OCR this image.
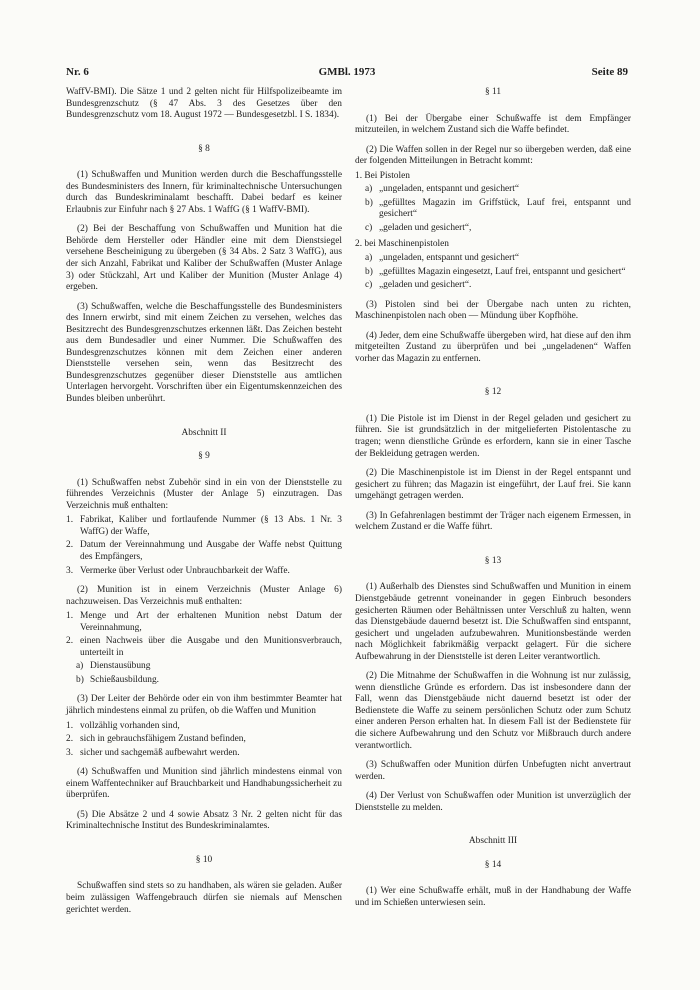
Nr. 6	GMBl. 1973	Seite 89

WaffV-BMI). Die Sätze 1 und 2 gelten nicht für Hilfspolizeibeamte im Bundesgrenzschutz (§ 47 Abs. 3 des Gesetzes über den Bundesgrenzschutz vom 18. August 1972 — Bundesgesetzbl. I S. 1834).

§ 8

(1) Schußwaffen und Munition werden durch die Beschaffungsstelle des Bundesministers des Innern, für kriminaltechnische Untersuchungen durch das Bundeskriminalamt beschafft. Dabei bedarf es keiner Erlaubnis zur Einfuhr nach § 27 Abs. 1 WaffG (§ 1 WaffV-BMI).

(2) Bei der Beschaffung von Schußwaffen und Munition hat die Behörde dem Hersteller oder Händler eine mit dem Dienstsiegel versehene Bescheinigung zu übergeben (§ 34 Abs. 2 Satz 3 WaffG), aus der sich Anzahl, Fabrikat und Kaliber der Schußwaffen (Muster Anlage 3) oder Stückzahl, Art und Kaliber der Munition (Muster Anlage 4) ergeben.

(3) Schußwaffen, welche die Beschaffungsstelle des Bundesministers des Innern erwirbt, sind mit einem Zeichen zu versehen, welches das Besitzrecht des Bundesgrenzschutzes erkennen läßt. Das Zeichen besteht aus dem Bundesadler und einer Nummer. Die Schußwaffen des Bundesgrenzschutzes können mit dem Zeichen einer anderen Dienststelle versehen sein, wenn das Besitzrecht des Bundesgrenzschutzes gegenüber dieser Dienststelle aus amtlichen Unterlagen hervorgeht. Vorschriften über ein Eigentumskennzeichen des Bundes bleiben unberührt.

Abschnitt II
§ 9

(1) Schußwaffen nebst Zubehör sind in ein von der Dienststelle zu führendes Verzeichnis (Muster der Anlage 5) einzutragen. Das Verzeichnis muß enthalten:

1. Fabrikat, Kaliber und fortlaufende Nummer (§ 13 Abs. 1 Nr. 3 WaffG) der Waffe,
2. Datum der Vereinnahmung und Ausgabe der Waffe nebst Quittung des Empfängers,
3. Vermerke über Verlust oder Unbrauchbarkeit der Waffe.

(2) Munition ist in einem Verzeichnis (Muster Anlage 6) nachzuweisen. Das Verzeichnis muß enthalten:

1. Menge und Art der erhaltenen Munition nebst Datum der Vereinnahmung,
2. einen Nachweis über die Ausgabe und den Munitionsverbrauch, unterteilt in
a) Dienstausübung
b) Schießausbildung.

(3) Der Leiter der Behörde oder ein von ihm bestimmter Beamter hat jährlich mindestens einmal zu prüfen, ob die Waffen und Munition

1. vollzählig vorhanden sind,
2. sich in gebrauchsfähigem Zustand befinden,
3. sicher und sachgemäß aufbewahrt werden.

(4) Schußwaffen und Munition sind jährlich mindestens einmal von einem Waffentechniker auf Brauchbarkeit und Handhabungssicherheit zu überprüfen.

(5) Die Absätze 2 und 4 sowie Absatz 3 Nr. 2 gelten nicht für das Kriminaltechnische Institut des Bundeskriminalamtes.

§ 10

Schußwaffen sind stets so zu handhaben, als wären sie geladen. Außer beim zulässigen Waffengebrauch dürfen sie niemals auf Menschen gerichtet werden.

§ 11

(1) Bei der Übergabe einer Schußwaffe ist dem Empfänger mitzuteilen, in welchem Zustand sich die Waffe befindet.

(2) Die Waffen sollen in der Regel nur so übergeben werden, daß eine der folgenden Mitteilungen in Betracht kommt:

1. Bei Pistolen
a) „ungeladen, entspannt und gesichert“
b) „gefülltes Magazin im Griffstück, Lauf frei, entspannt und gesichert“
c) „geladen und gesichert“,
2. bei Maschinenpistolen
a) „ungeladen, entspannt und gesichert“
b) „gefülltes Magazin eingesetzt, Lauf frei, entspannt und gesichert“
c) „geladen und gesichert“.

(3) Pistolen sind bei der Übergabe nach unten zu richten, Maschinenpistolen nach oben — Mündung über Kopfhöhe.

(4) Jeder, dem eine Schußwaffe übergeben wird, hat diese auf den ihm mitgeteilten Zustand zu überprüfen und bei „ungeladenen“ Waffen vorher das Magazin zu entfernen.

§ 12

(1) Die Pistole ist im Dienst in der Regel geladen und gesichert zu führen. Sie ist grundsätzlich in der mitgelieferten Pistolentasche zu tragen; wenn dienstliche Gründe es erfordern, kann sie in einer Tasche der Bekleidung getragen werden.

(2) Die Maschinenpistole ist im Dienst in der Regel entspannt und gesichert zu führen; das Magazin ist eingeführt, der Lauf frei. Sie kann umgehängt getragen werden.

(3) In Gefahrenlagen bestimmt der Träger nach eigenem Ermessen, in welchem Zustand er die Waffe führt.

§ 13

(1) Außerhalb des Dienstes sind Schußwaffen und Munition in einem Dienstgebäude getrennt voneinander in gegen Einbruch besonders gesicherten Räumen oder Behältnissen unter Verschluß zu halten, wenn das Dienstgebäude dauernd besetzt ist. Die Schußwaffen sind entspannt, gesichert und ungeladen aufzubewahren. Munitionsbestände werden nach Möglichkeit fabrikmäßig verpackt gelagert. Für die sichere Aufbewahrung in der Dienststelle ist deren Leiter verantwortlich.

(2) Die Mitnahme der Schußwaffen in die Wohnung ist nur zulässig, wenn dienstliche Gründe es erfordern. Das ist insbesondere dann der Fall, wenn das Dienstgebäude nicht dauernd besetzt ist oder der Bedienstete die Waffe zu seinem persönlichen Schutz oder zum Schutz einer anderen Person erhalten hat. In diesem Fall ist der Bedienstete für die sichere Aufbewahrung und den Schutz vor Mißbrauch durch andere verantwortlich.

(3) Schußwaffen oder Munition dürfen Unbefugten nicht anvertraut werden.

(4) Der Verlust von Schußwaffen oder Munition ist unverzüglich der Dienststelle zu melden.

Abschnitt III
§ 14

(1) Wer eine Schußwaffe erhält, muß in der Handhabung der Waffe und im Schießen unterwiesen sein.
